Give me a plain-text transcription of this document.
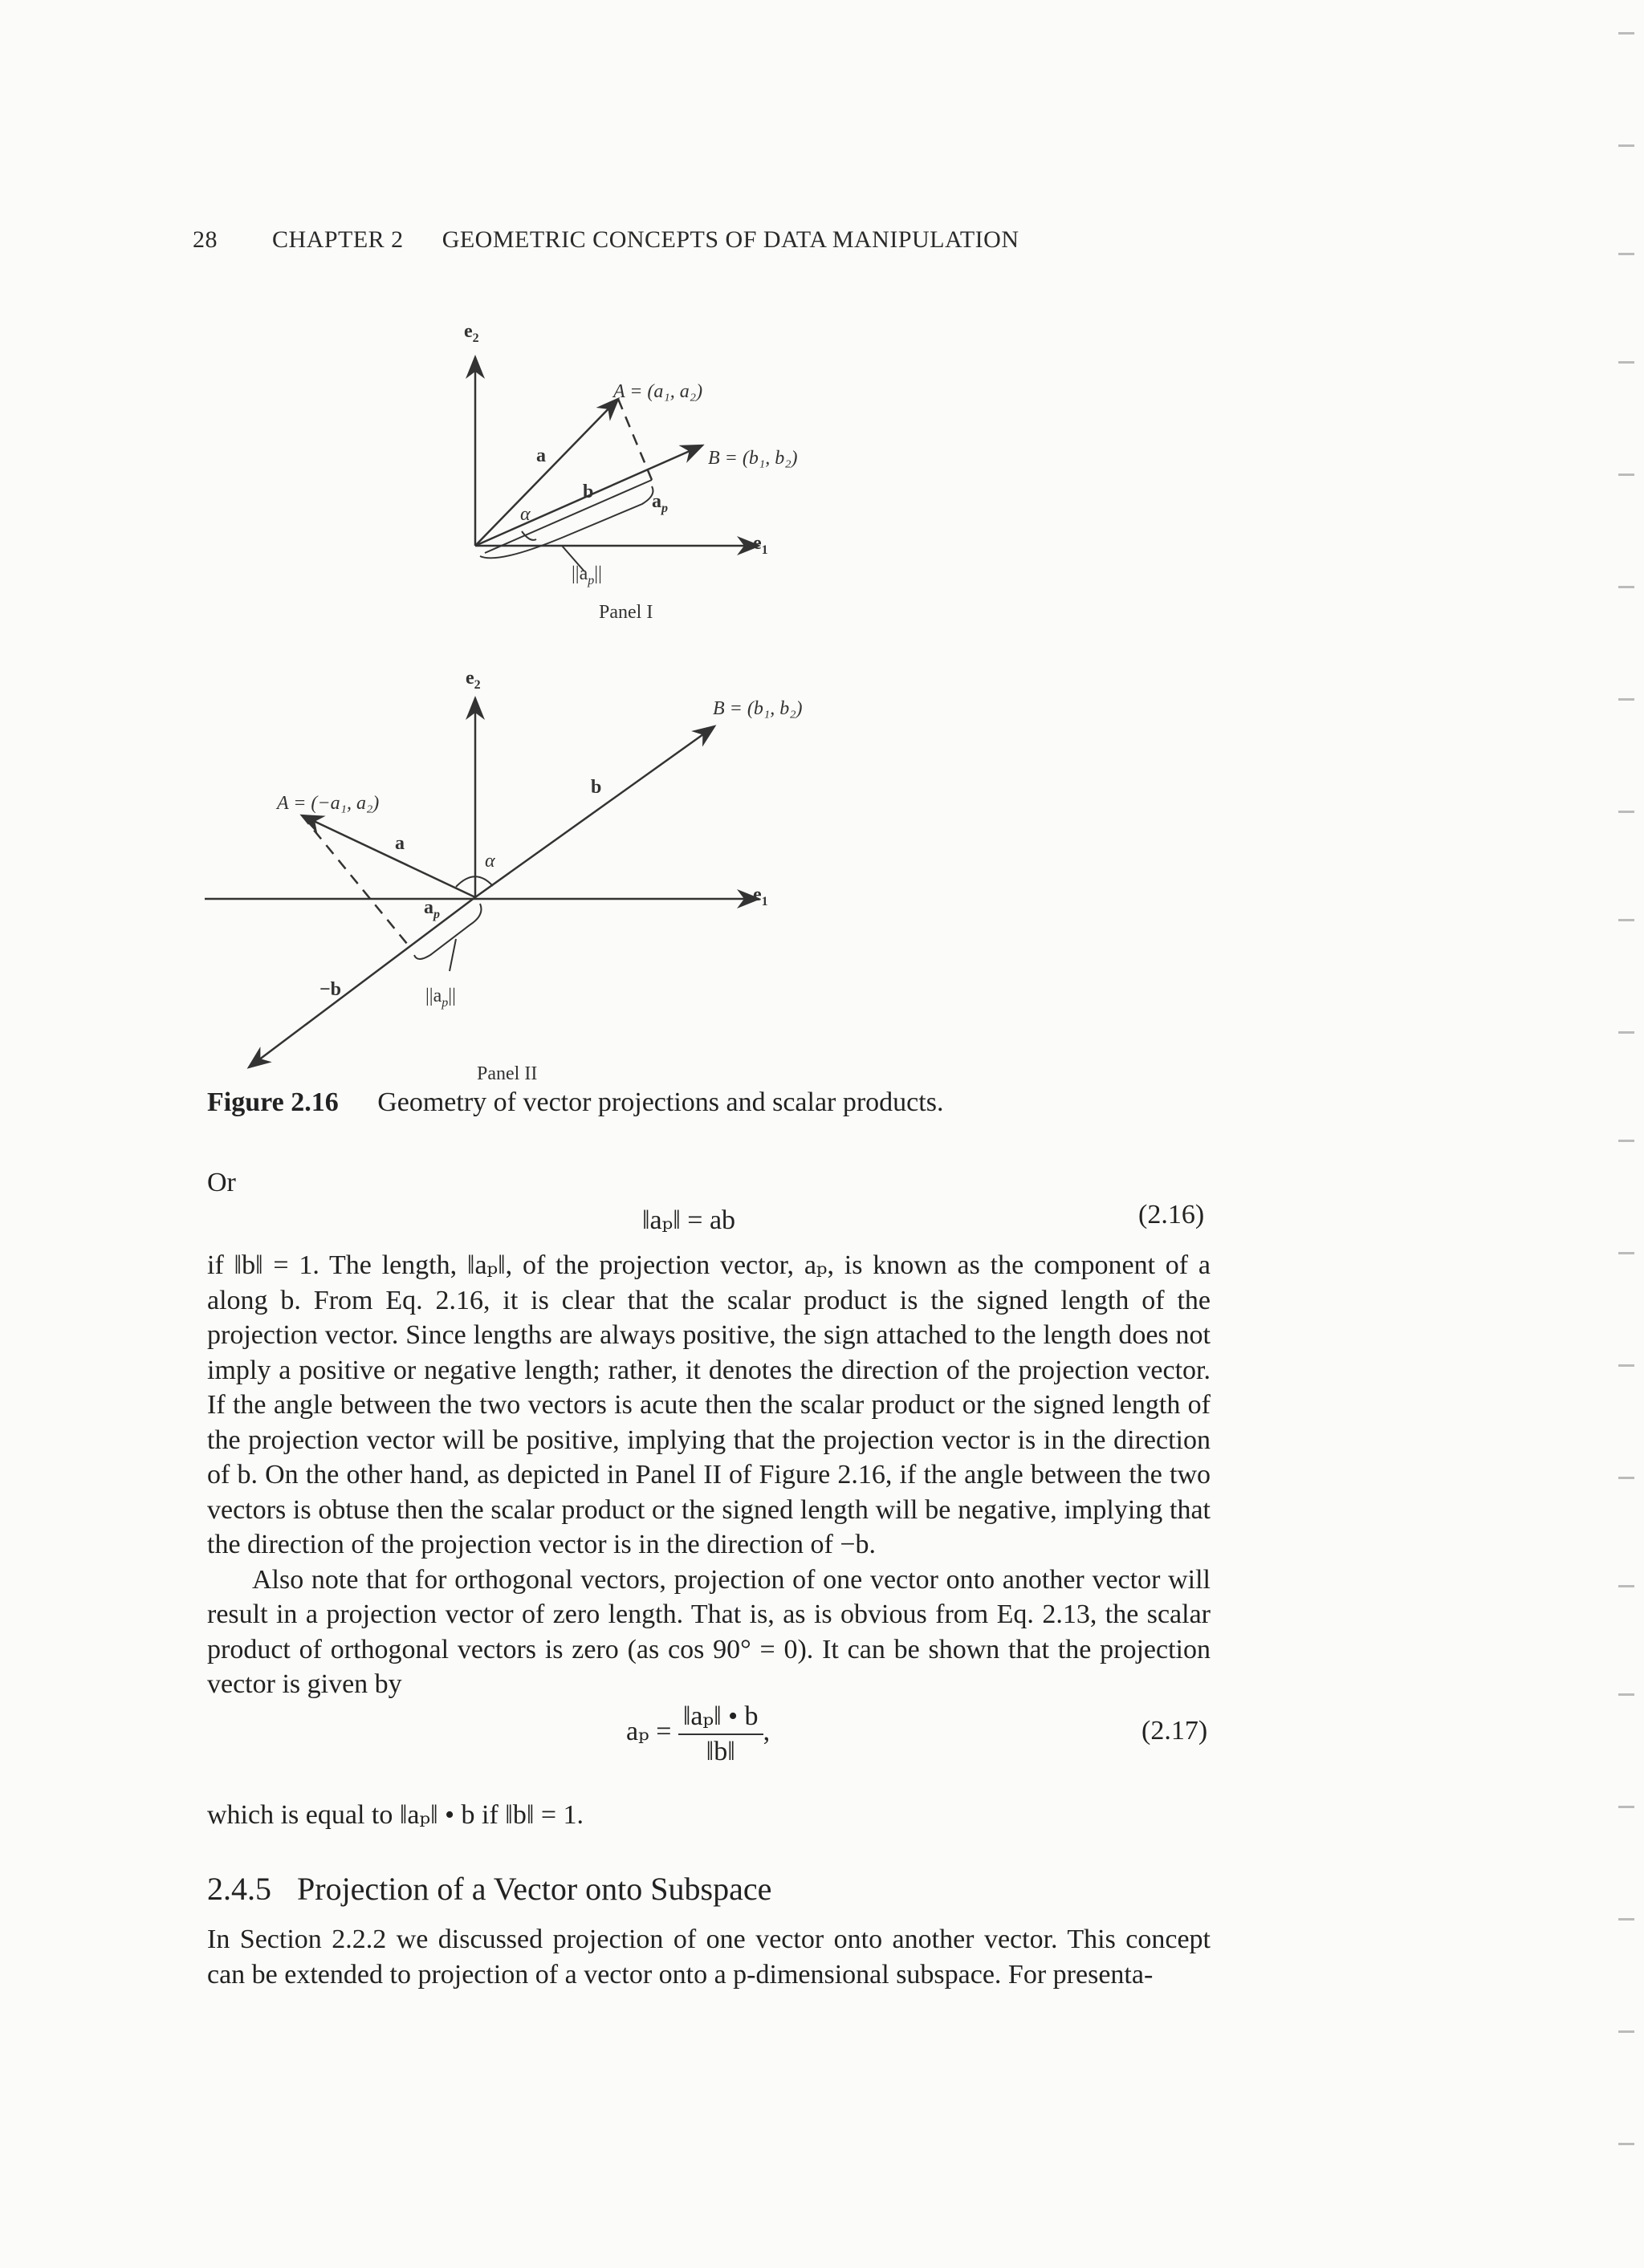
28 CHAPTER 2 GEOMETRIC CONCEPTS OF DATA MANIPULATION
$e_2$
$e_1$
A = (a₁, a₂)
B = (b₁, b₂)
a
b
α
$a_p$
$||a_p||$
Panel I
$e_2$
$e_1$
A = (−a₁, a₂)
B = (b₁, b₂)
a
b
−b
α
$a_p$
$||a_p||$
Panel II
Figure 2.16 Geometry of vector projections and scalar products.
Or
‖aₚ‖ = ab	(2.16)

if ‖b‖ = 1. The length, ‖aₚ‖, of the projection vector, aₚ, is known as the component of a along b. From Eq. 2.16, it is clear that the scalar product is the signed length of the projection vector. Since lengths are always positive, the sign attached to the length does not imply a positive or negative length; rather, it denotes the direction of the projection vector. If the angle between the two vectors is acute then the scalar product or the signed length of the projection vector will be positive, implying that the projection vector is in the direction of b. On the other hand, as depicted in Panel II of Figure 2.16, if the angle between the two vectors is obtuse then the scalar product or the signed length will be negative, implying that the direction of the projection vector is in the direction of −b.

Also note that for orthogonal vectors, projection of one vector onto another vector will result in a projection vector of zero length. That is, as is obvious from Eq. 2.13, the scalar product of orthogonal vectors is zero (as cos 90° = 0). It can be shown that the projection vector is given by

$a_p = \frac{\text{‖aₚ‖ • b}}{‖b‖}$ ,	(2.17)

which is equal to ‖aₚ‖ • b if ‖b‖ = 1.

2.4.5 Projection of a Vector onto Subspace

In Section 2.2.2 we discussed projection of one vector onto another vector. This concept can be extended to projection of a vector onto a p-dimensional subspace. For presenta-
